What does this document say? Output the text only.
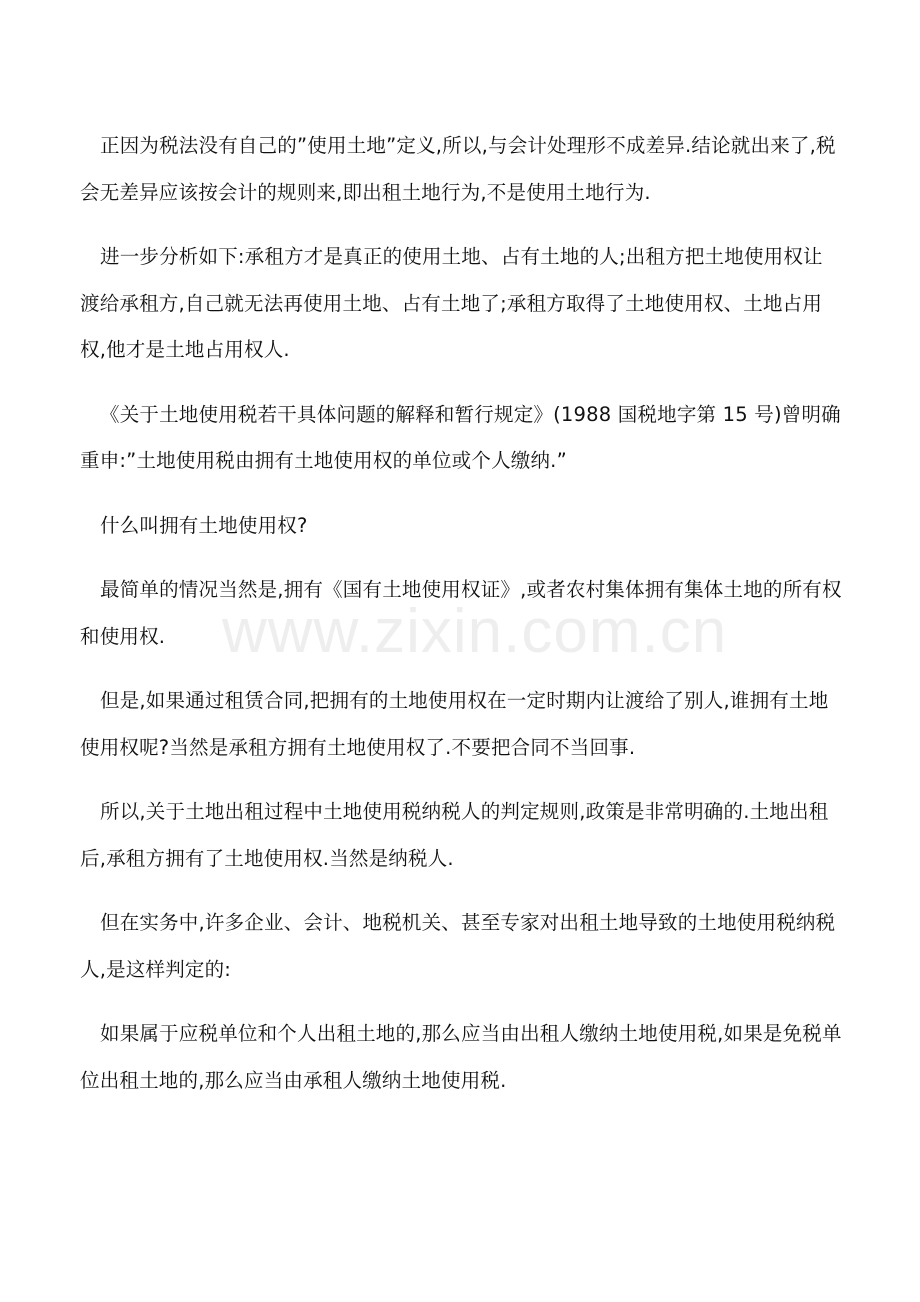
www.zixin.com.cn

正因为税法没有自己的”使用土地”定义,所以,与会计处理形不成差异.结论就出来了,税会无差异应该按会计的规则来,即出租土地行为,不是使用土地行为.

进一步分析如下:承租方才是真正的使用土地、占有土地的人;出租方把土地使用权让渡给承租方,自己就无法再使用土地、占有土地了;承租方取得了土地使用权、土地占用权,他才是土地占用权人.

《关于土地使用税若干具体问题的解释和暂行规定》(1988 国税地字第 15 号)曾明确重申:”土地使用税由拥有土地使用权的单位或个人缴纳.”

什么叫拥有土地使用权?

最简单的情况当然是,拥有《国有土地使用权证》,或者农村集体拥有集体土地的所有权和使用权.

但是,如果通过租赁合同,把拥有的土地使用权在一定时期内让渡给了别人,谁拥有土地使用权呢?当然是承租方拥有土地使用权了.不要把合同不当回事.

所以,关于土地出租过程中土地使用税纳税人的判定规则,政策是非常明确的.土地出租后,承租方拥有了土地使用权.当然是纳税人.

但在实务中,许多企业、会计、地税机关、甚至专家对出租土地导致的土地使用税纳税人,是这样判定的:

如果属于应税单位和个人出租土地的,那么应当由出租人缴纳土地使用税,如果是免税单位出租土地的,那么应当由承租人缴纳土地使用税.
